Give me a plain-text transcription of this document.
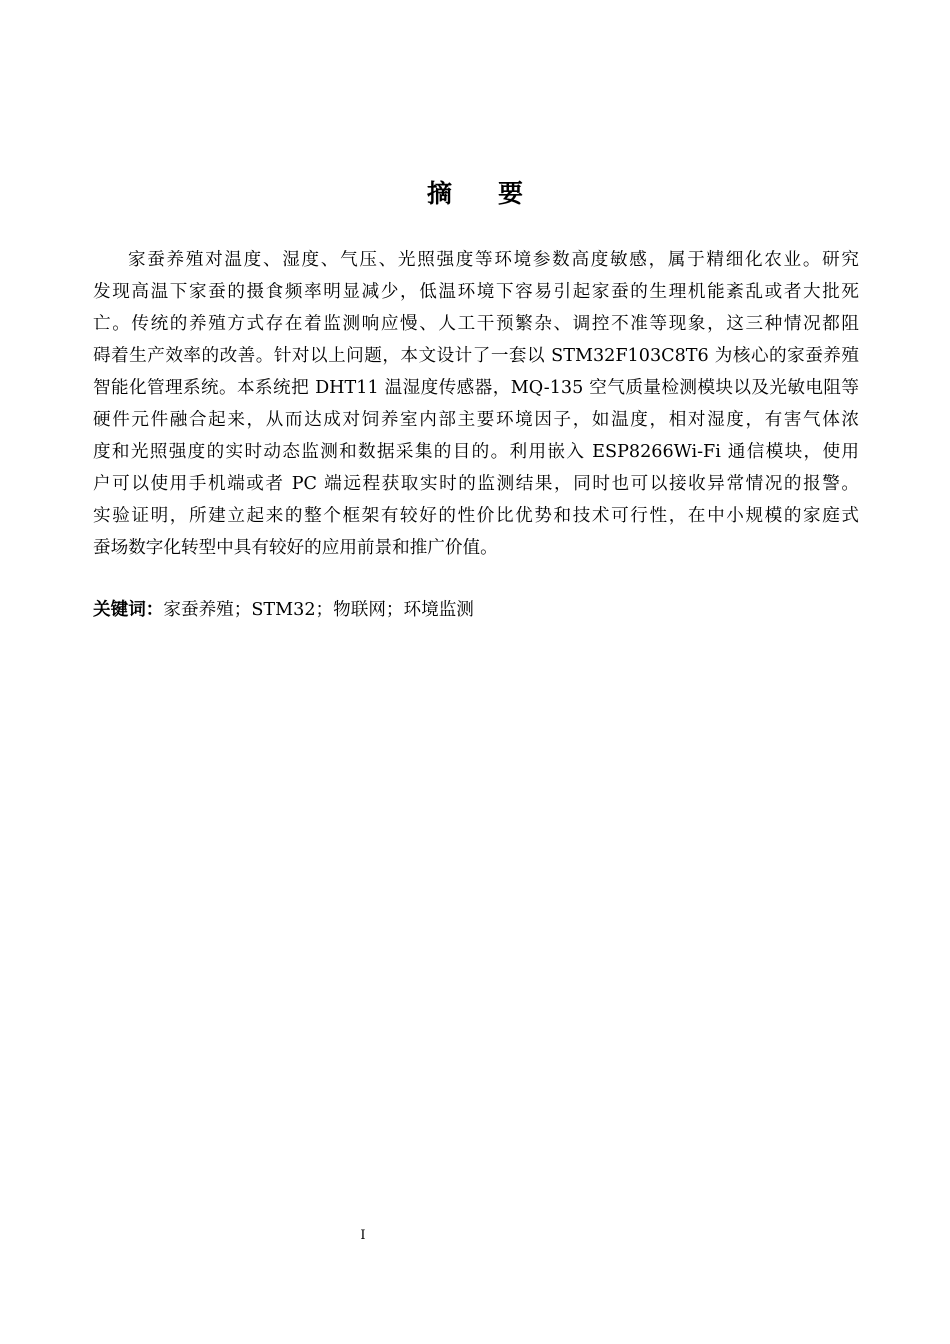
摘 要
家蚕养殖对温度、湿度、气压、光照强度等环境参数高度敏感，属于精细化农业。研究
发现高温下家蚕的摄食频率明显减少，低温环境下容易引起家蚕的生理机能紊乱或者大批死
亡。传统的养殖方式存在着监测响应慢、人工干预繁杂、调控不准等现象，这三种情况都阻
碍着生产效率的改善。针对以上问题，本文设计了一套以 STM32F103C8T6 为核心的家蚕养殖
智能化管理系统。本系统把 DHT11 温湿度传感器，MQ-135 空气质量检测模块以及光敏电阻等
硬件元件融合起来，从而达成对饲养室内部主要环境因子，如温度，相对湿度，有害气体浓
度和光照强度的实时动态监测和数据采集的目的。利用嵌入 ESP8266Wi-Fi 通信模块，使用
户可以使用手机端或者 PC 端远程获取实时的监测结果，同时也可以接收异常情况的报警。
实验证明，所建立起来的整个框架有较好的性价比优势和技术可行性，在中小规模的家庭式
蚕场数字化转型中具有较好的应用前景和推广价值。
关键词：家蚕养殖；STM32；物联网；环境监测
I
